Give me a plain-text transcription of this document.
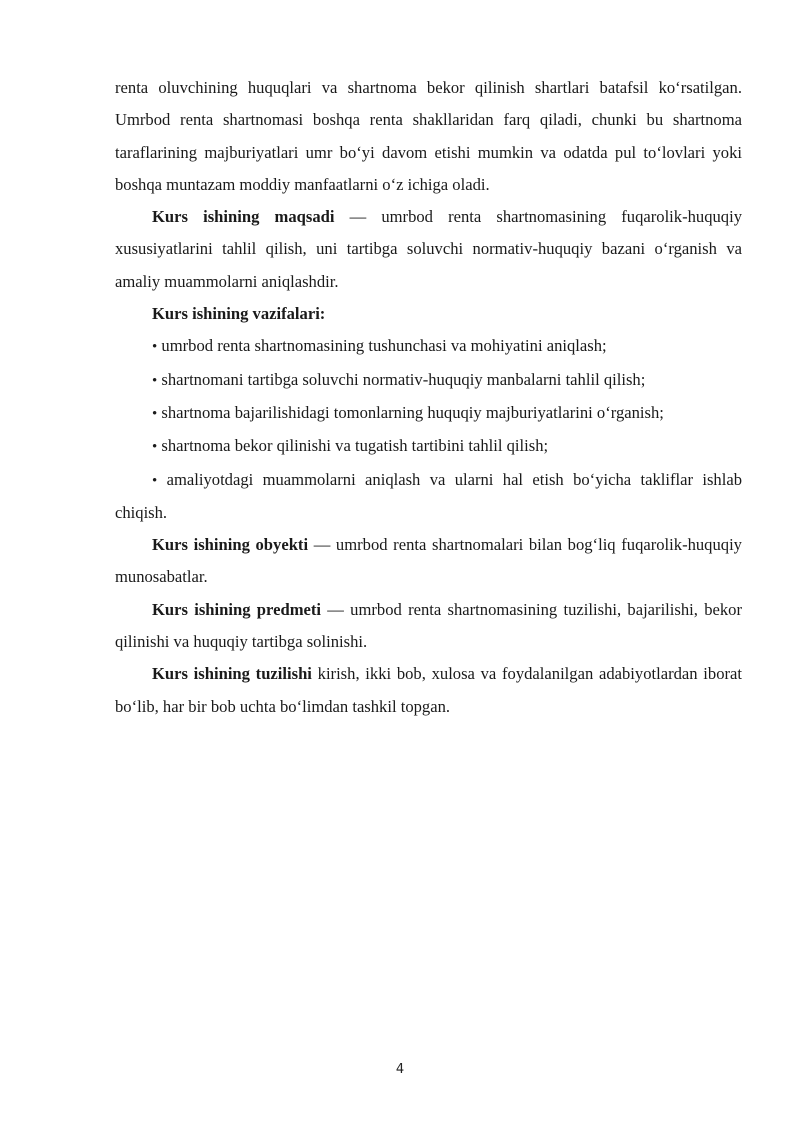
renta oluvchining huquqlari va shartnoma bekor qilinish shartlari batafsil ko‘rsatilgan. Umrbod renta shartnomasi boshqa renta shakllaridan farq qiladi, chunki bu shartnoma taraflarining majburiyatlari umr bo‘yi davom etishi mumkin va odatda pul to‘lovlari yoki boshqa muntazam moddiy manfaatlarni o‘z ichiga oladi.

Kurs ishining maqsadi — umrbod renta shartnomasining fuqarolik-huquqiy xususiyatlarini tahlil qilish, uni tartibga soluvchi normativ-huquqiy bazani o‘rganish va amaliy muammolarni aniqlashdir.

Kurs ishining vazifalari:

• umrbod renta shartnomasining tushunchasi va mohiyatini aniqlash;

• shartnomani tartibga soluvchi normativ-huquqiy manbalarni tahlil qilish;

• shartnoma bajarilishidagi tomonlarning huquqiy majburiyatlarini o‘rganish;

• shartnoma bekor qilinishi va tugatish tartibini tahlil qilish;

• amaliyotdagi muammolarni aniqlash va ularni hal etish bo‘yicha takliflar ishlab chiqish.

Kurs ishining obyekti — umrbod renta shartnomalari bilan bog‘liq fuqarolik-huquqiy munosabatlar.

Kurs ishining predmeti — umrbod renta shartnomasining tuzilishi, bajarilishi, bekor qilinishi va huquqiy tartibga solinishi.

Kurs ishining tuzilishi kirish, ikki bob, xulosa va foydalanilgan adabiyotlardan iborat bo‘lib, har bir bob uchta bo‘limdan tashkil topgan.

4
